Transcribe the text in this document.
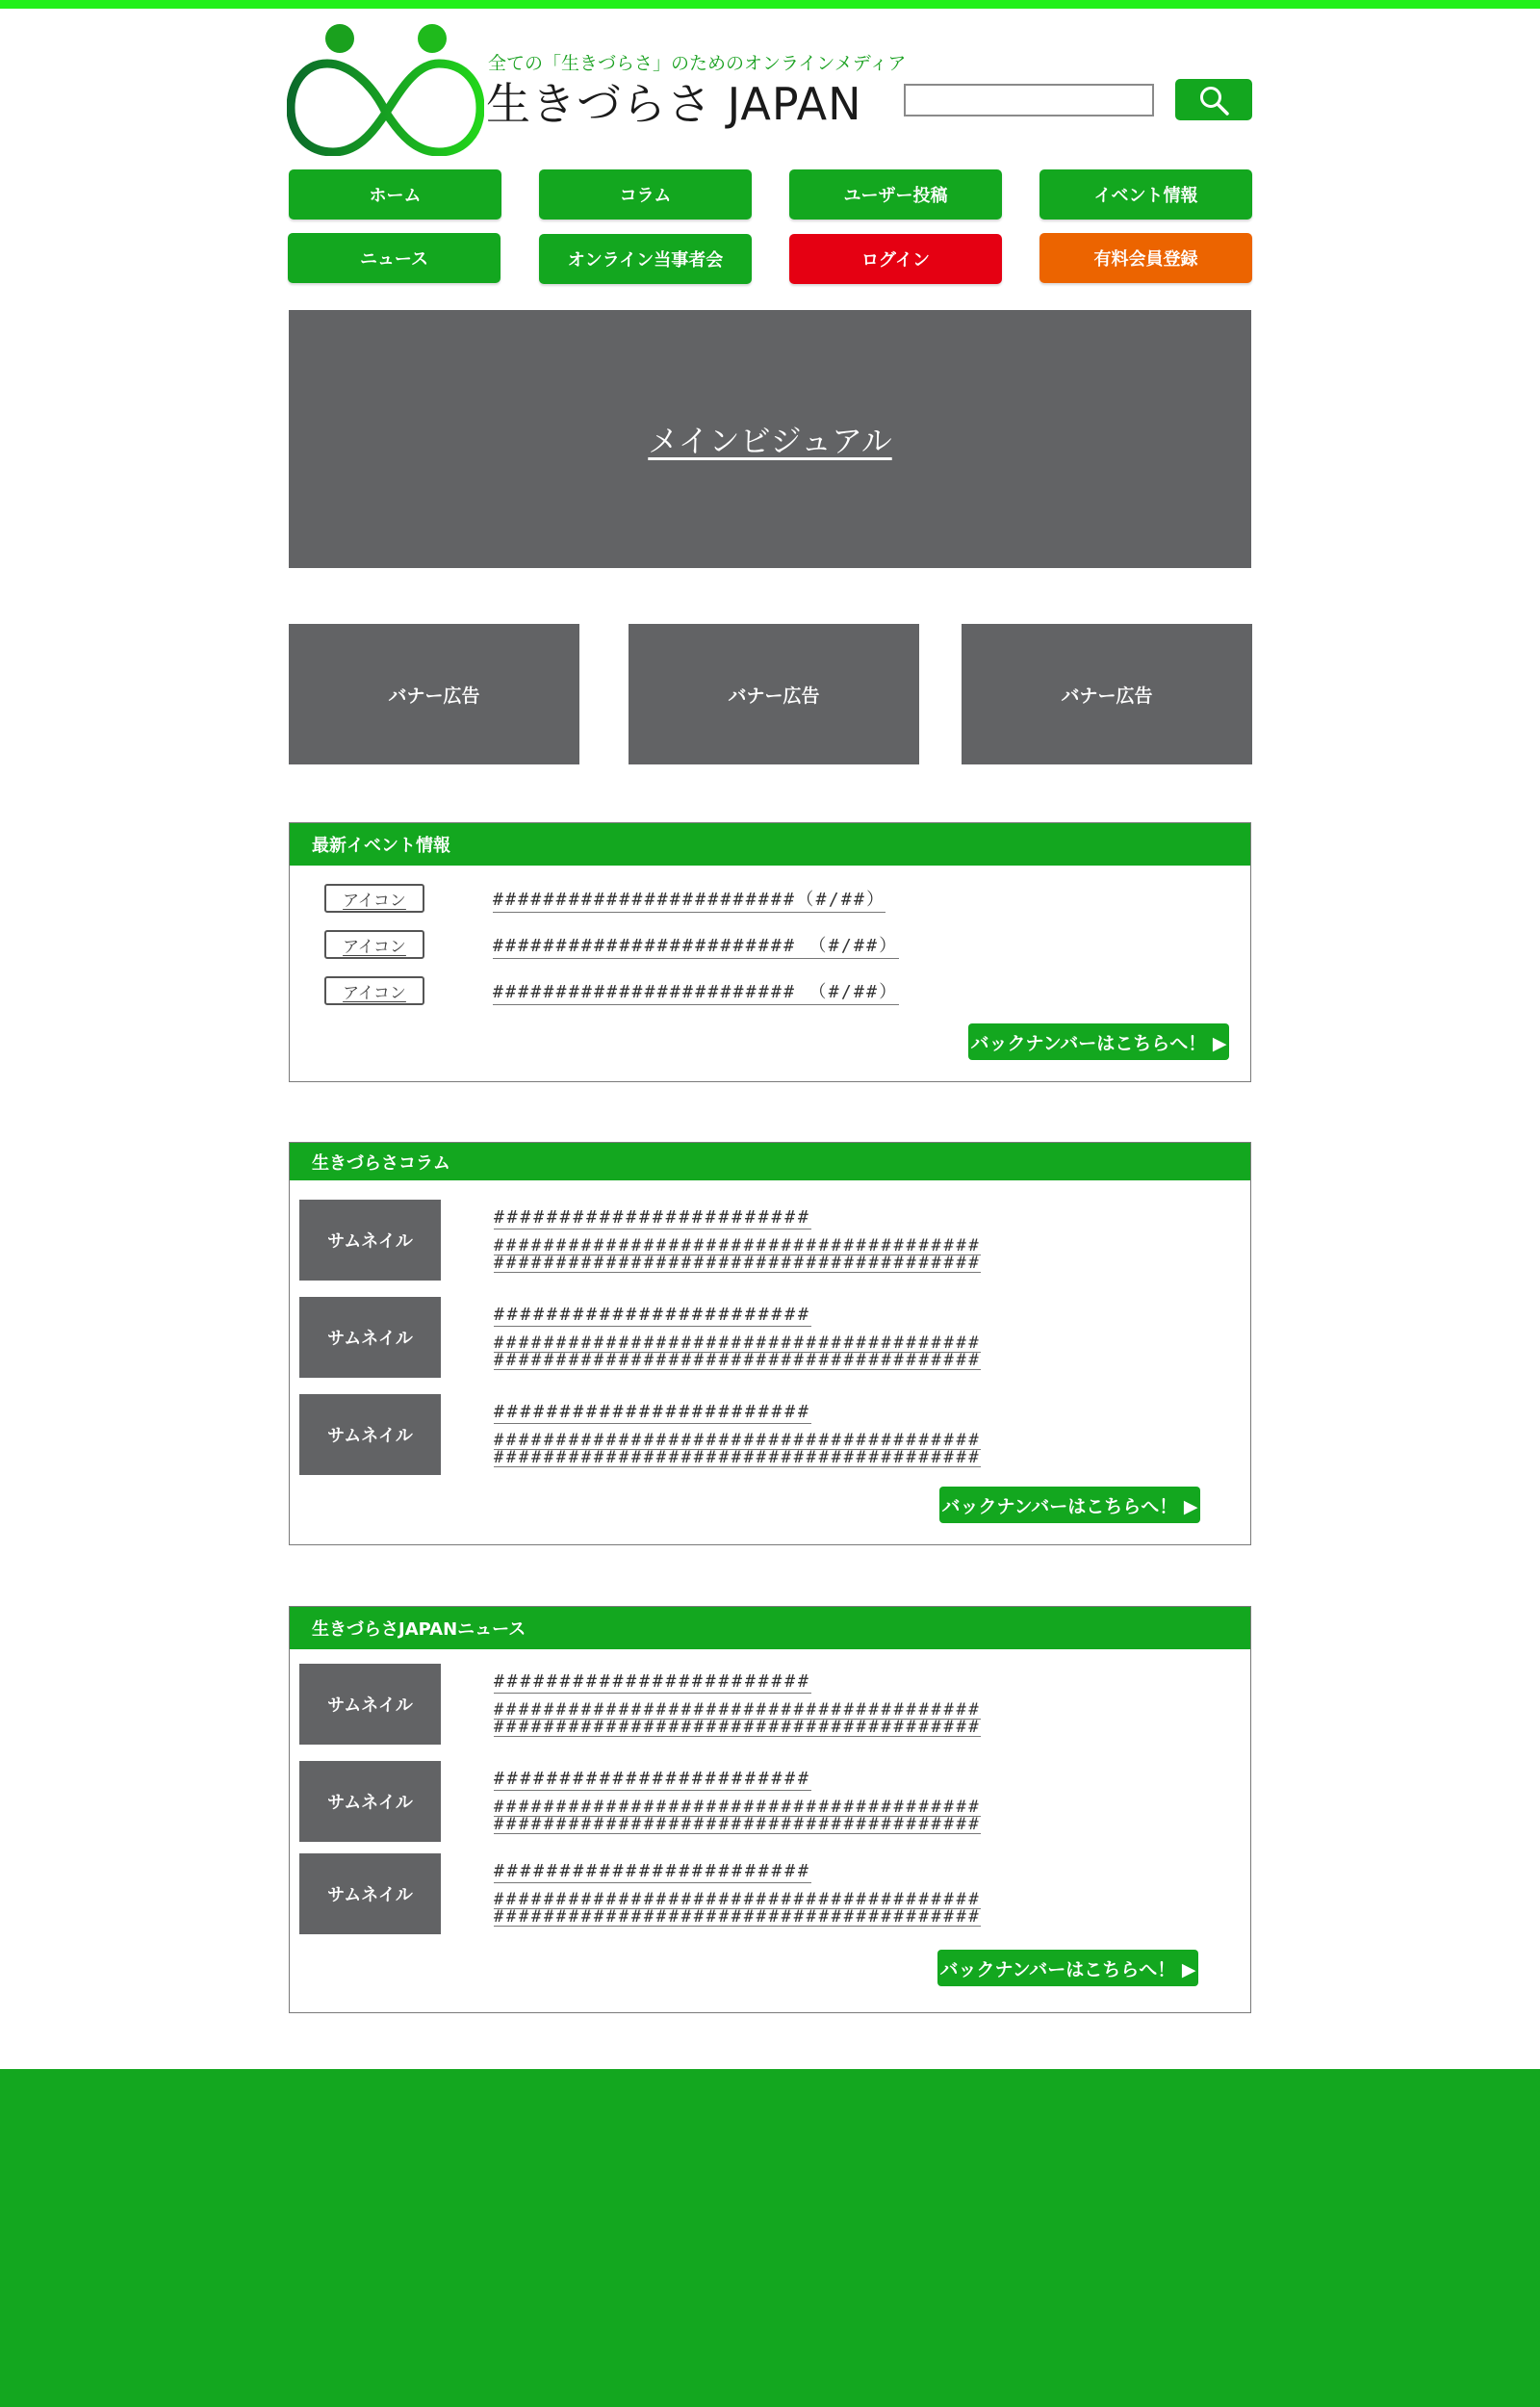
全ての「生きづらさ」のためのオンラインメディア
生きづらさ JAPAN
ホーム	コラム	ユーザー投稿	イベント情報
ニュース	オンライン当事者会	ログイン	有料会員登録
メインビジュアル
バナー広告	バナー広告	バナー広告
最新イベント情報
アイコン	########################（#/##）
アイコン	######################## （#/##）
アイコン	######################## （#/##）
バックナンバーはこちらへ！ ▶
生きづらさコラム
サムネイル
########################
#######################################
#######################################
サムネイル
########################
#######################################
#######################################
サムネイル
########################
#######################################
#######################################
バックナンバーはこちらへ！ ▶
生きづらさJAPANニュース
サムネイル
########################
#######################################
#######################################
サムネイル
########################
#######################################
#######################################
サムネイル
########################
#######################################
#######################################
バックナンバーはこちらへ！ ▶
